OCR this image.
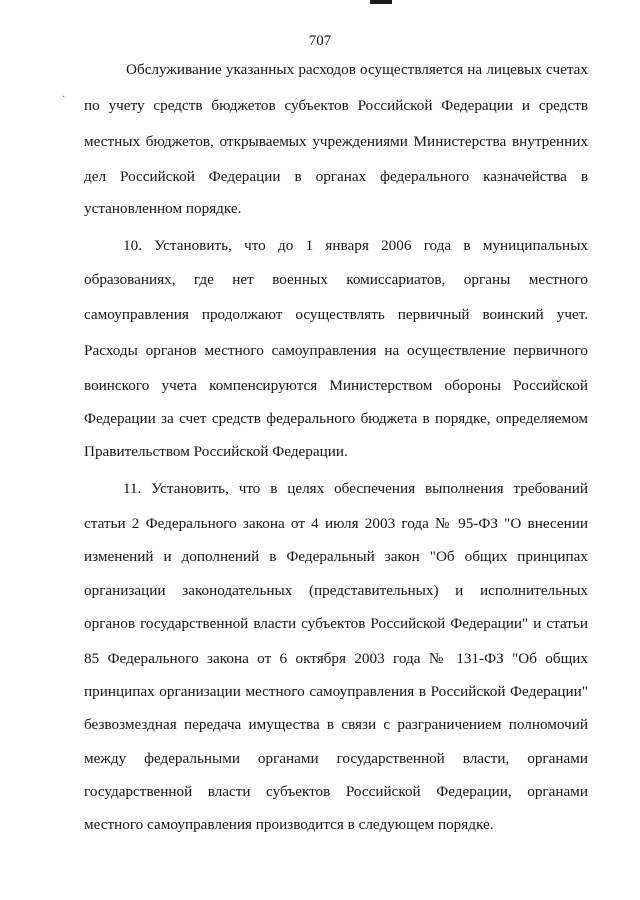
·
707
Обслуживание указанных расходов осуществляется на лицевых счетах
по учету средств бюджетов субъектов Российской Федерации и средств
местных бюджетов, открываемых учреждениями Министерства внутренних
дел Российской Федерации в органах федерального казначейства в
установленном порядке.
10. Установить, что до 1 января 2006 года в муниципальных
образованиях, где нет военных комиссариатов, органы местного
самоуправления продолжают осуществлять первичный воинский учет.
Расходы органов местного самоуправления на осуществление первичного
воинского учета компенсируются Министерством обороны Российской
Федерации за счет средств федерального бюджета в порядке, определяемом
Правительством Российской Федерации.
11. Установить, что в целях обеспечения выполнения требований
статьи 2 Федерального закона от 4 июля 2003 года № 95-ФЗ "О внесении
изменений и дополнений в Федеральный закон "Об общих принципах
организации законодательных (представительных) и исполнительных
органов государственной власти субъектов Российской Федерации" и статьи
85 Федерального закона от 6 октября 2003 года № 131-ФЗ "Об общих
принципах организации местного самоуправления в Российской Федерации"
безвозмездная передача имущества в связи с разграничением полномочий
между федеральными органами государственной власти, органами
государственной власти субъектов Российской Федерации, органами
местного самоуправления производится в следующем порядке.
